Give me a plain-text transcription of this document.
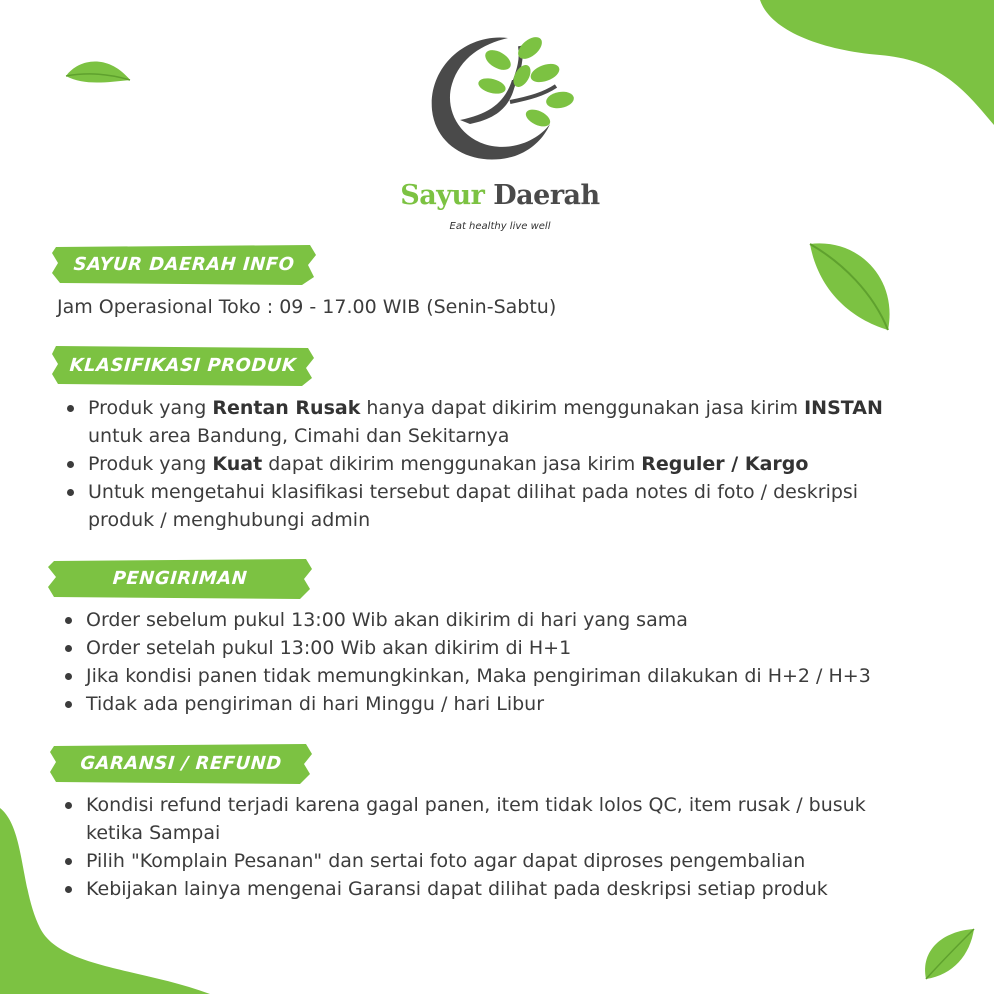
Sayur Daerah
Eat healthy live well
SAYUR DAERAH INFO
Jam Operasional Toko : 09 - 17.00 WIB (Senin-Sabtu)
KLASIFIKASI PRODUK
Produk yang Rentan Rusak hanya dapat dikirim menggunakan jasa kirim INSTAN
untuk area Bandung, Cimahi dan Sekitarnya
Produk yang Kuat dapat dikirim menggunakan jasa kirim Reguler / Kargo
Untuk mengetahui klasifikasi tersebut dapat dilihat pada notes di foto / deskripsi
produk / menghubungi admin
PENGIRIMAN
Order sebelum pukul 13:00 Wib akan dikirim di hari yang sama
Order setelah pukul 13:00 Wib akan dikirim di H+1
Jika kondisi panen tidak memungkinkan, Maka pengiriman dilakukan di H+2 / H+3
Tidak ada pengiriman di hari Minggu / hari Libur
GARANSI / REFUND
Kondisi refund terjadi karena gagal panen, item tidak lolos QC, item rusak / busuk
ketika Sampai
Pilih "Komplain Pesanan" dan sertai foto agar dapat diproses pengembalian
Kebijakan lainya mengenai Garansi dapat dilihat pada deskripsi setiap produk
